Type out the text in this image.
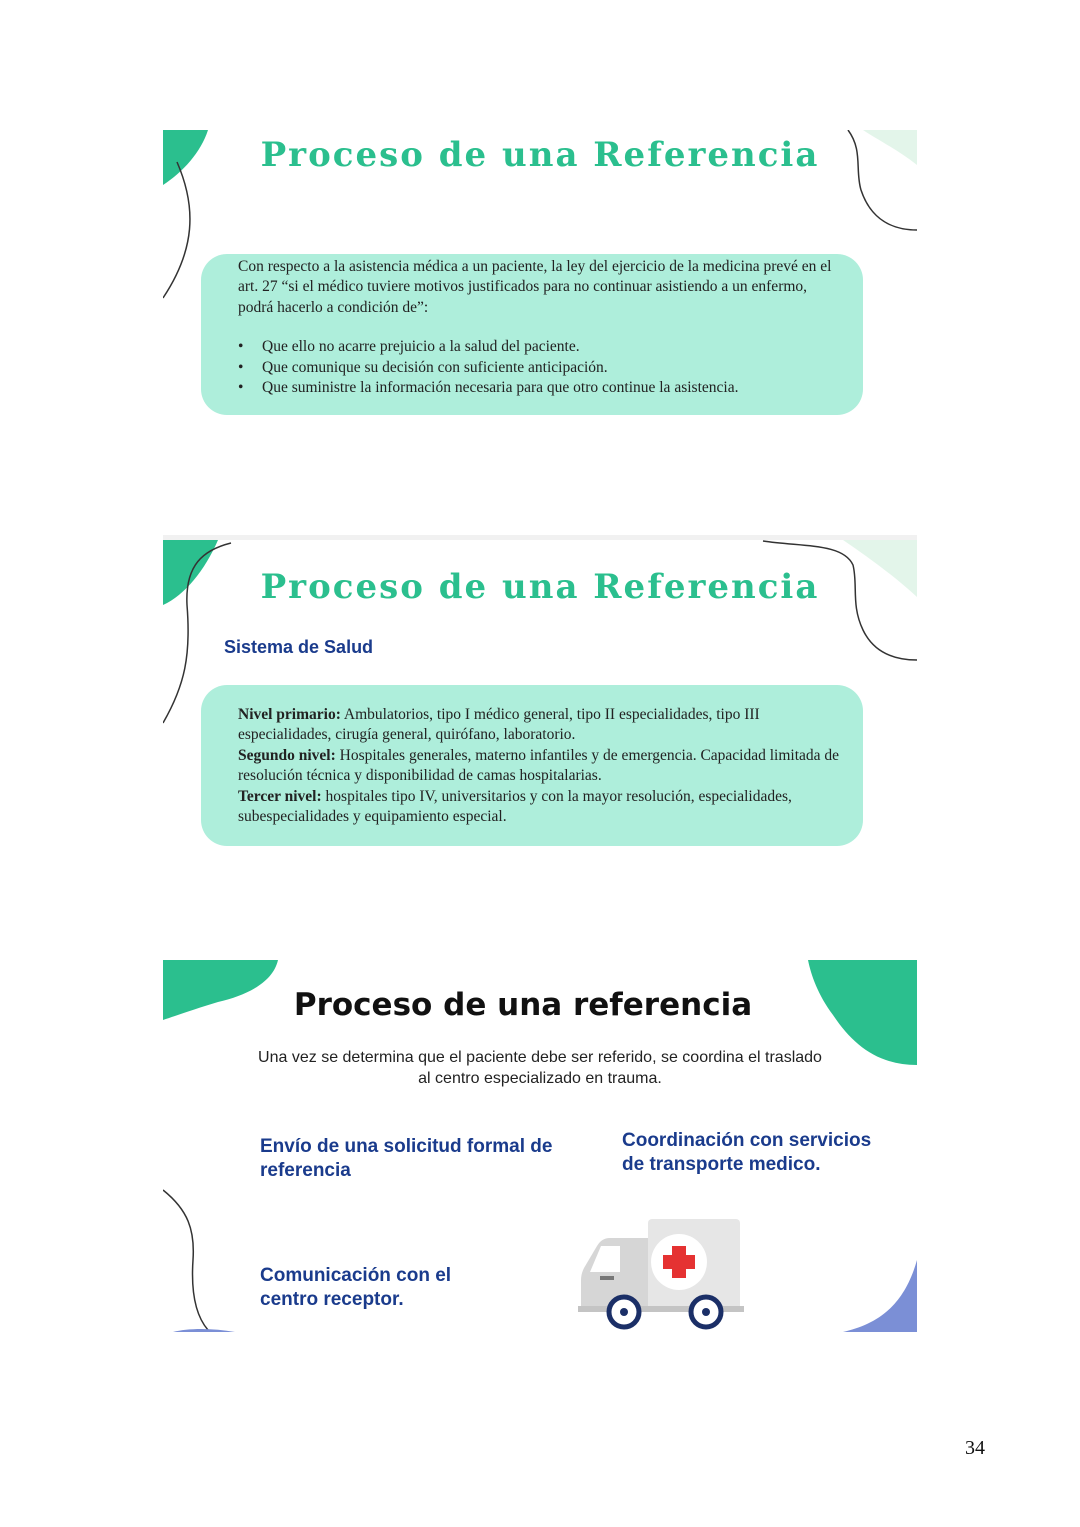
Proceso de una Referencia

Con respecto a la asistencia médica a un paciente, la ley del ejercicio de la medicina prevé en el art. 27 “si el médico tuviere motivos justificados para no continuar asistiendo a un enfermo, podrá hacerlo a condición de”:

• Que ello no acarre prejuicio a la salud del paciente.
• Que comunique su decisión con suficiente anticipación.
• Que suministre la información necesaria para que otro continue la asistencia.
Proceso de una Referencia
Sistema de Salud

Nivel primario: Ambulatorios, tipo I médico general, tipo II especialidades, tipo III especialidades, cirugía general, quirófano, laboratorio.

Segundo nivel: Hospitales generales, materno infantiles y de emergencia. Capacidad limitada de resolución técnica y disponibilidad de camas hospitalarias.

Tercer nivel: hospitales tipo IV, universitarios y con la mayor resolución, especialidades, subespecialidades y equipamiento especial.

Proceso de una referencia
Una vez se determina que el paciente debe ser referido, se coordina el traslado
al centro especializado en trauma.
Envío de una solicitud formal de referencia
Coordinación con servicios de transporte medico.
Comunicación con el centro receptor.
34
